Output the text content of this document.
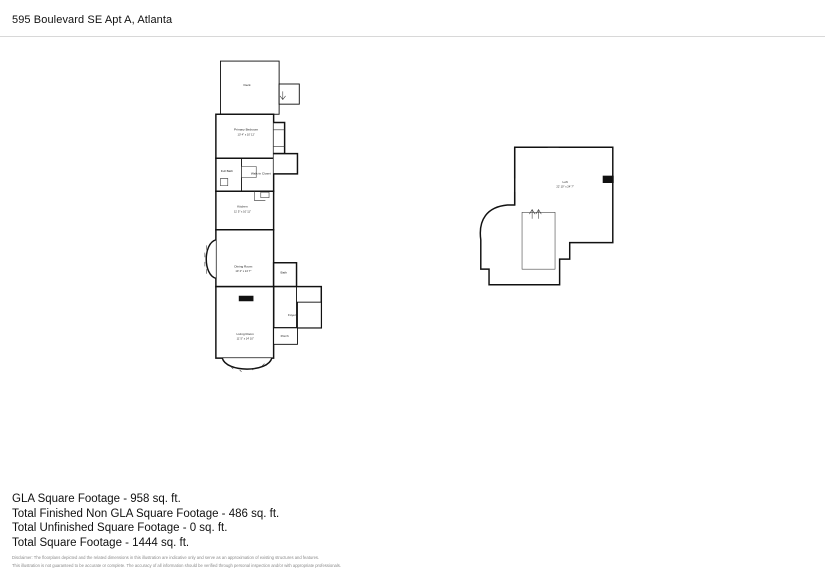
595 Boulevard SE Apt A, Atlanta
Deck
Primary Bedroom
13' 4" x 10' 11"
Full Bath
Walk-in Closet
Kitchen
11' 5" x 10' 11"
Dining Room
10' 2" x 14' 7"	Bath
Foyer
Living Room
11' 5" x 14' 10"
Porch
Loft
22' 10" x 24' 7"
GLA Square Footage - 958 sq. ft.
Total Finished Non GLA Square Footage - 486 sq. ft.
Total Unfinished Square Footage - 0 sq. ft.
Total Square Footage - 1444 sq. ft.
Disclaimer: The floorplans depicted and the related dimensions in this illustration are indicative only and serve as an approximation of existing structures and features.
This illustration is not guaranteed to be accurate or complete. The accuracy of all information should be verified through personal inspection and/or with appropriate professionals.
